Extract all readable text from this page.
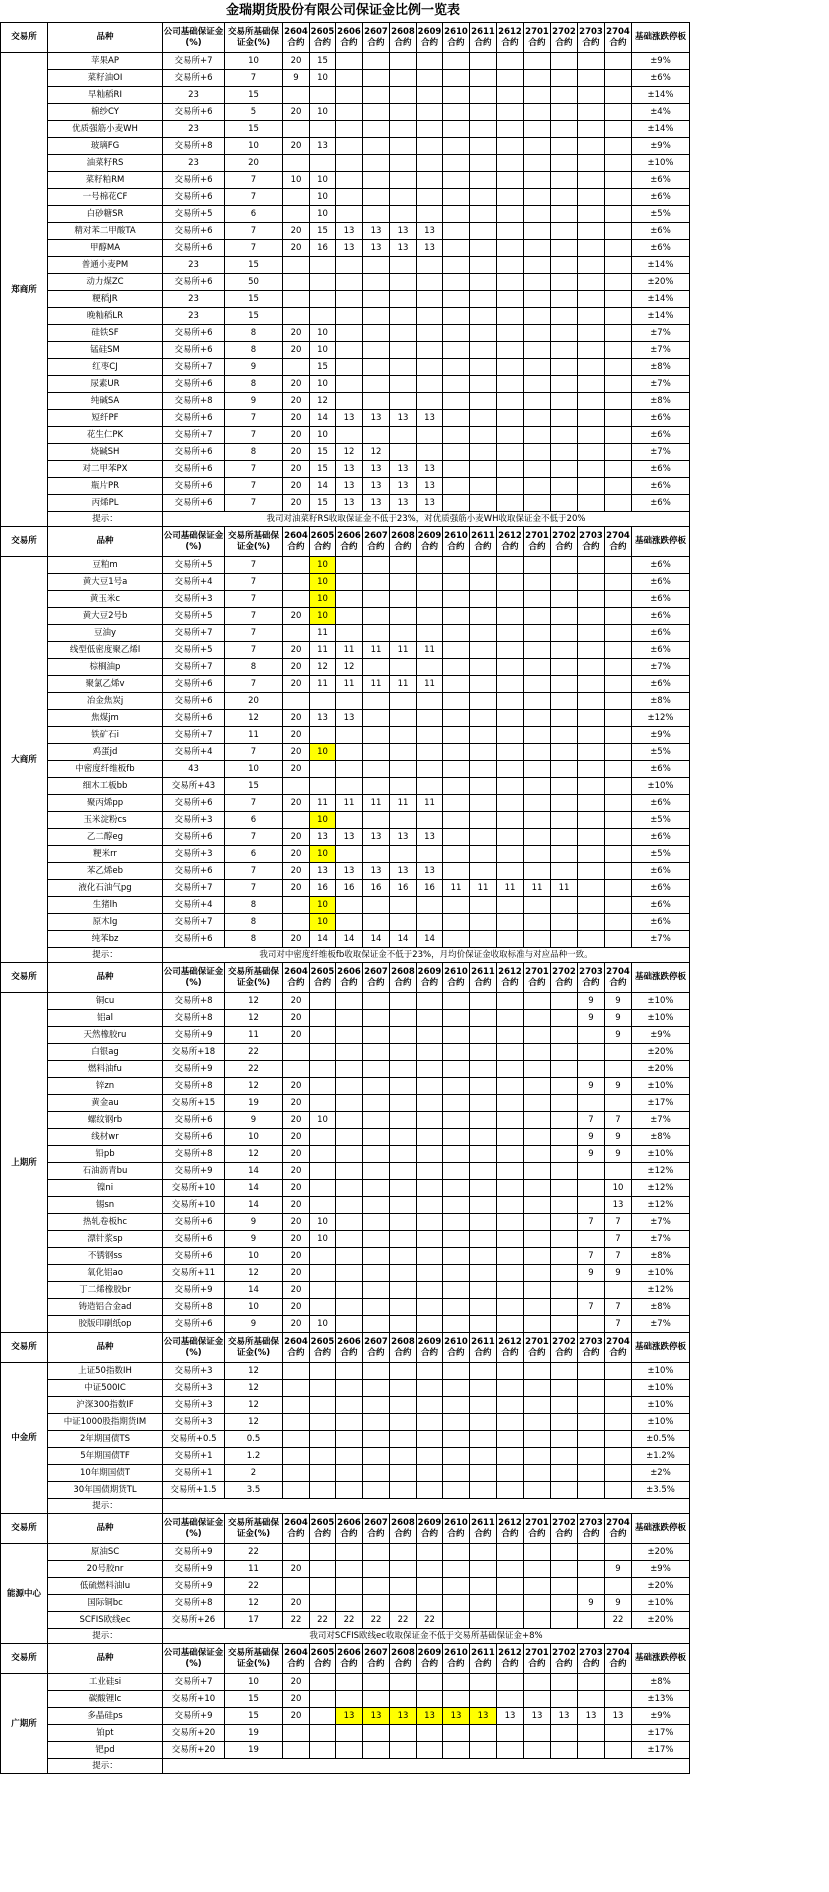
金瑞期货股份有限公司保证金比例一览表
交易所	品种	公司基础保证金(%)	交易所基础保证金(%)	2604合约	2605合约	2606合约	2607合约	2608合约	2609合约	2610合约	2611合约	2612合约	2701合约	2702合约	2703合约	2704合约	基础涨跌停板
郑商所	苹果AP	交易所+7	10	20	15												±9%
	菜籽油OI	交易所+6	7	9	10												±6%
	早籼稻RI	23	15														±14%
	棉纱CY	交易所+6	5	20	10												±4%
	优质强筋小麦WH	23	15														±14%
	玻璃FG	交易所+8	10	20	13												±9%
	油菜籽RS	23	20														±10%
	菜籽粕RM	交易所+6	7	10	10												±6%
	一号棉花CF	交易所+6	7		10												±6%
	白砂糖SR	交易所+5	6		10												±5%
	精对苯二甲酸TA	交易所+6	7	20	15	13	13	13	13								±6%
	甲醇MA	交易所+6	7	20	16	13	13	13	13								±6%
	普通小麦PM	23	15														±14%
	动力煤ZC	交易所+6	50														±20%
	粳稻JR	23	15														±14%
	晚籼稻LR	23	15														±14%
	硅铁SF	交易所+6	8	20	10												±7%
	锰硅SM	交易所+6	8	20	10												±7%
	红枣CJ	交易所+7	9		15												±8%
	尿素UR	交易所+6	8	20	10												±7%
	纯碱SA	交易所+8	9	20	12												±8%
	短纤PF	交易所+6	7	20	14	13	13	13	13								±6%
	花生仁PK	交易所+7	7	20	10												±6%
	烧碱SH	交易所+6	8	20	15	12	12										±7%
	对二甲苯PX	交易所+6	7	20	15	13	13	13	13								±6%
	瓶片PR	交易所+6	7	20	14	13	13	13	13								±6%
	丙烯PL	交易所+6	7	20	15	13	13	13	13								±6%
	提示：	我司对油菜籽RS收取保证金不低于23%，对优质强筋小麦WH收取保证金不低于20%															
交易所	品种	公司基础保证金(%)	交易所基础保证金(%)	2604合约	2605合约	2606合约	2607合约	2608合约	2609合约	2610合约	2611合约	2612合约	2701合约	2702合约	2703合约	2704合约	基础涨跌停板
大商所	豆粕m	交易所+5	7		10												±6%
	黄大豆1号a	交易所+4	7		10												±6%
	黄玉米c	交易所+3	7		10												±6%
	黄大豆2号b	交易所+5	7	20	10												±6%
	豆油y	交易所+7	7		11												±6%
	线型低密度聚乙烯l	交易所+5	7	20	11	11	11	11	11								±6%
	棕榈油p	交易所+7	8	20	12	12											±7%
	聚氯乙烯v	交易所+6	7	20	11	11	11	11	11								±6%
	冶金焦炭j	交易所+6	20														±8%
	焦煤jm	交易所+6	12	20	13	13											±12%
	铁矿石i	交易所+7	11	20													±9%
	鸡蛋jd	交易所+4	7	20	10												±5%
	中密度纤维板fb	43	10	20													±6%
	细木工板bb	交易所+43	15														±10%
	聚丙烯pp	交易所+6	7	20	11	11	11	11	11								±6%
	玉米淀粉cs	交易所+3	6		10												±5%
	乙二醇eg	交易所+6	7	20	13	13	13	13	13								±6%
	粳米rr	交易所+3	6	20	10												±5%
	苯乙烯eb	交易所+6	7	20	13	13	13	13	13								±6%
	液化石油气pg	交易所+7	7	20	16	16	16	16	16	11	11	11	11	11			±6%
	生猪lh	交易所+4	8		10												±6%
	原木lg	交易所+7	8		10												±6%
	纯苯bz	交易所+6	8	20	14	14	14	14	14								±7%
	提示：	我司对中密度纤维板fb收取保证金不低于23%，月均价保证金收取标准与对应品种一致。															
交易所	品种	公司基础保证金(%)	交易所基础保证金(%)	2604合约	2605合约	2606合约	2607合约	2608合约	2609合约	2610合约	2611合约	2612合约	2701合约	2702合约	2703合约	2704合约	基础涨跌停板
上期所	铜cu	交易所+8	12	20											9	9	±10%
	铝al	交易所+8	12	20											9	9	±10%
	天然橡胶ru	交易所+9	11	20												9	±9%
	白银ag	交易所+18	22														±20%
	燃料油fu	交易所+9	22														±20%
	锌zn	交易所+8	12	20											9	9	±10%
	黄金au	交易所+15	19	20													±17%
	螺纹钢rb	交易所+6	9	20	10										7	7	±7%
	线材wr	交易所+6	10	20											9	9	±8%
	铅pb	交易所+8	12	20											9	9	±10%
	石油沥青bu	交易所+9	14	20													±12%
	镍ni	交易所+10	14	20												10	±12%
	锡sn	交易所+10	14	20												13	±12%
	热轧卷板hc	交易所+6	9	20	10										7	7	±7%
	漂针浆sp	交易所+6	9	20	10											7	±7%
	不锈钢ss	交易所+6	10	20											7	7	±8%
	氧化铝ao	交易所+11	12	20											9	9	±10%
	丁二烯橡胶br	交易所+9	14	20													±12%
	铸造铝合金ad	交易所+8	10	20											7	7	±8%
	胶版印刷纸op	交易所+6	9	20	10											7	±7%
交易所	品种	公司基础保证金(%)	交易所基础保证金(%)	2604合约	2605合约	2606合约	2607合约	2608合约	2609合约	2610合约	2611合约	2612合约	2701合约	2702合约	2703合约	2704合约	基础涨跌停板
中金所	上证50指数IH	交易所+3	12														±10%
	中证500IC	交易所+3	12														±10%
	沪深300指数IF	交易所+3	12														±10%
	中证1000股指期货IM	交易所+3	12														±10%
	2年期国债TS	交易所+0.5	0.5														±0.5%
	5年期国债TF	交易所+1	1.2														±1.2%
	10年期国债T	交易所+1	2														±2%
	30年国债期货TL	交易所+1.5	3.5														±3.5%
	提示：																
交易所	品种	公司基础保证金(%)	交易所基础保证金(%)	2604合约	2605合约	2606合约	2607合约	2608合约	2609合约	2610合约	2611合约	2612合约	2701合约	2702合约	2703合约	2704合约	基础涨跌停板
能源中心	原油SC	交易所+9	22														±20%
	20号胶nr	交易所+9	11	20												9	±9%
	低硫燃料油lu	交易所+9	22														±20%
	国际铜bc	交易所+8	12	20											9	9	±10%
	SCFIS欧线ec	交易所+26	17	22	22	22	22	22	22							22	±20%
	提示：	我司对SCFIS欧线ec收取保证金不低于交易所基础保证金+8%															
交易所	品种	公司基础保证金(%)	交易所基础保证金(%)	2604合约	2605合约	2606合约	2607合约	2608合约	2609合约	2610合约	2611合约	2612合约	2701合约	2702合约	2703合约	2704合约	基础涨跌停板
广期所	工业硅si	交易所+7	10	20													±8%
	碳酸锂lc	交易所+10	15	20													±13%
	多晶硅ps	交易所+9	15	20		13	13	13	13	13	13	13	13	13	13	13	±9%
	铂pt	交易所+20	19														±17%
	钯pd	交易所+20	19														±17%
	提示：																
